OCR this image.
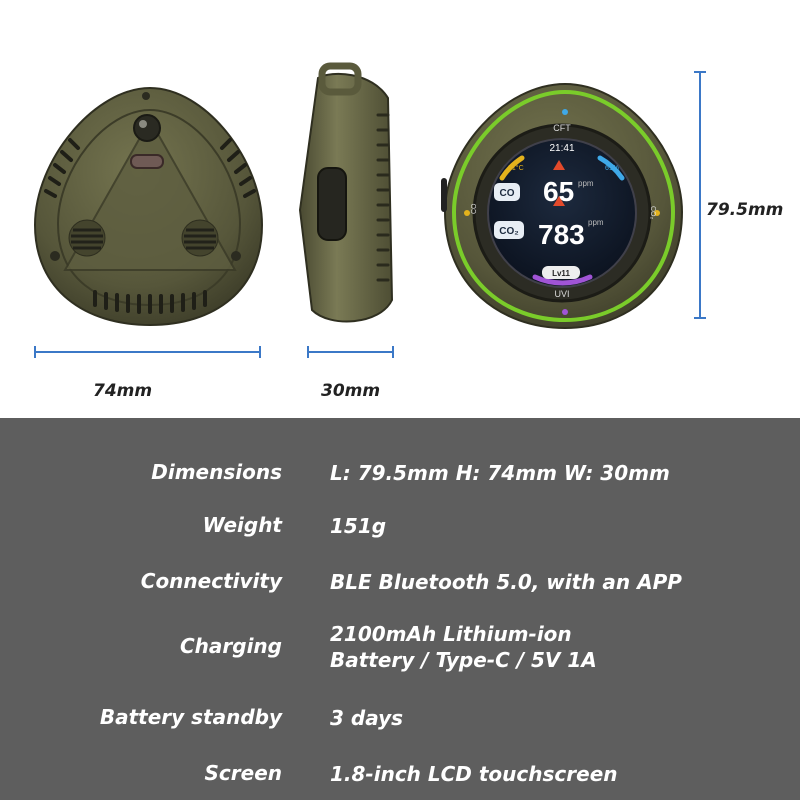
CFT
21:41
31°C	61%
CO 65 ppm
CO₂ 783 ppm
Lv11
UVI
CO	CO₂
74mm	30mm
79.5mm
Dimensions L: 79.5mm H: 74mm W: 30mm
Weight 151g
Connectivity BLE Bluetooth 5.0, with an APP
Charging 2100mAh Lithium-ion
Battery / Type-C / 5V 1A
Battery standby 3 days
Screen 1.8-inch LCD touchscreen
